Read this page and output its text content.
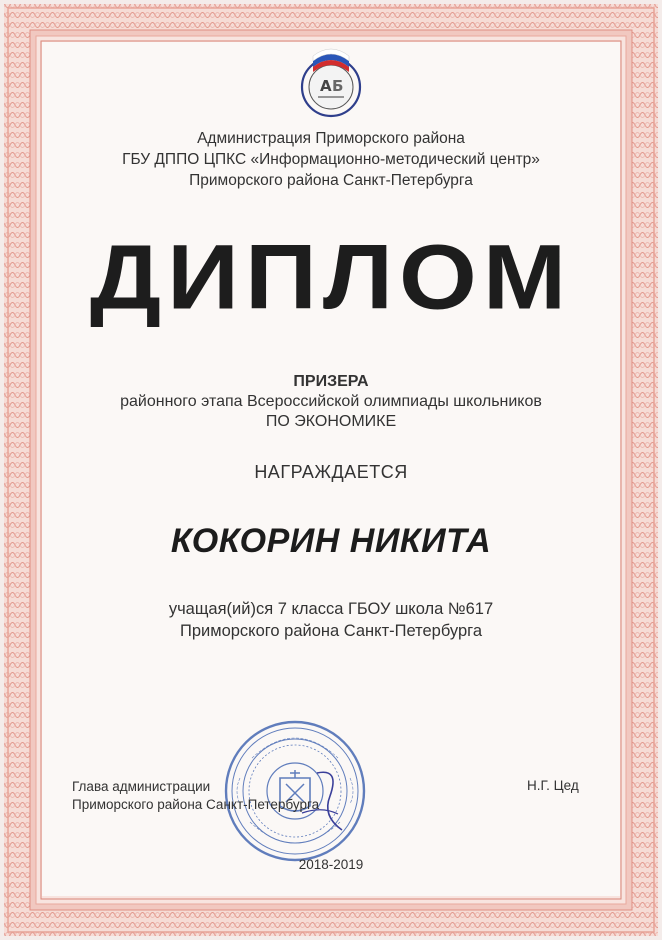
А Б
Администрация Приморского района
ГБУ ДППО ЦПКС «Информационно-методический центр»
Приморского района Санкт-Петербурга
ДИПЛОМ
ПРИЗЕРА
районного этапа Всероссийской олимпиады школьников
ПО ЭКОНОМИКЕ
НАГРАЖДАЕТСЯ
КОКОРИН НИКИТА
учащая(ий)ся 7 класса ГБОУ школа №617
Приморского района Санкт-Петербурга
Глава администрации
Приморского района Санкт-Петербурга
Н.Г. Цед
2018-2019
